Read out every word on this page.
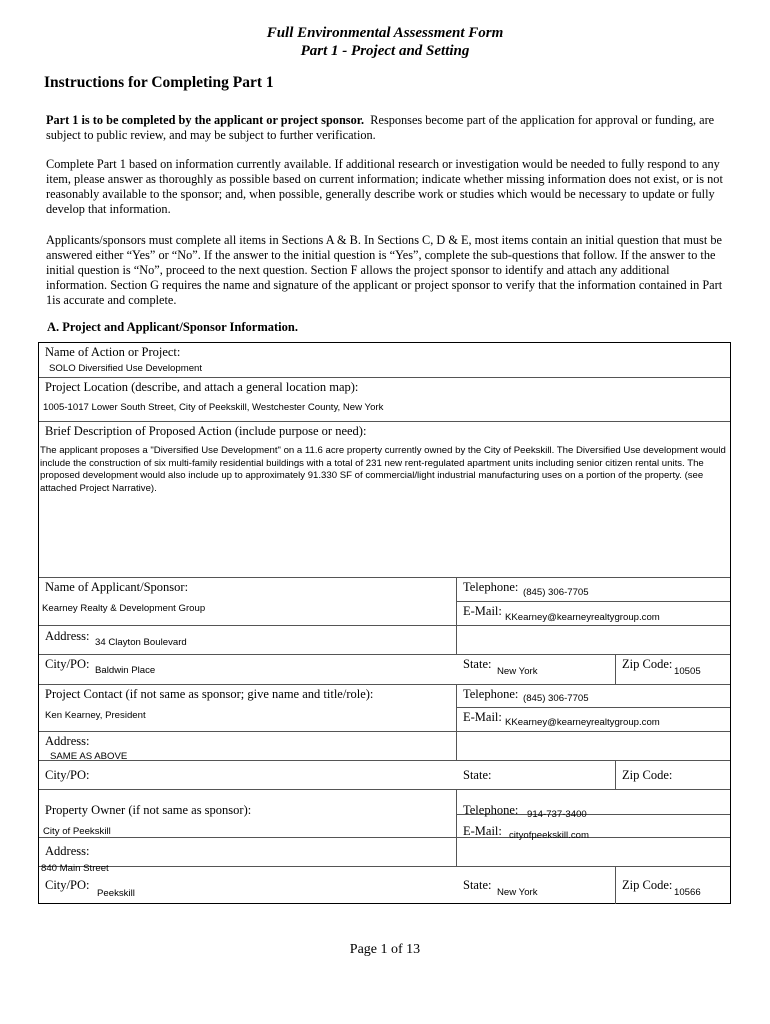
Full Environmental Assessment Form
Part 1 - Project and Setting
Instructions for Completing Part 1
Part 1 is to be completed by the applicant or project sponsor. Responses become part of the application for approval or funding, are subject to public review, and may be subject to further verification.
Complete Part 1 based on information currently available. If additional research or investigation would be needed to fully respond to any item, please answer as thoroughly as possible based on current information; indicate whether missing information does not exist, or is not reasonably available to the sponsor; and, when possible, generally describe work or studies which would be necessary to update or fully develop that information.
Applicants/sponsors must complete all items in Sections A & B. In Sections C, D & E, most items contain an initial question that must be answered either “Yes” or “No”. If the answer to the initial question is “Yes”, complete the sub-questions that follow. If the answer to the initial question is “No”, proceed to the next question. Section F allows the project sponsor to identify and attach any additional information. Section G requires the name and signature of the applicant or project sponsor to verify that the information contained in Part 1is accurate and complete.
A. Project and Applicant/Sponsor Information.
Name of Action or Project:
SOLO Diversified Use Development
Project Location (describe, and attach a general location map):
1005-1017 Lower South Street, City of Peekskill, Westchester County, New York
Brief Description of Proposed Action (include purpose or need):
The applicant proposes a "Diversified Use Development" on a 11.6 acre property currently owned by the City of Peekskill. The Diversified Use development would include the construction of six multi-family residential buildings with a total of 231 new rent-regulated apartment units including senior citizen rental units. The proposed development would also include up to approximately 91.330 SF of commercial/light industrial manufacturing uses on a portion of the property. (see attached Project Narrative).
Name of Applicant/Sponsor:
Kearney Realty & Development Group
Telephone: (845) 306-7705
E-Mail: KKearney@kearneyrealtygroup.com
Address: 34 Clayton Boulevard
City/PO: Baldwin Place	State:
New York
Zip Code:
10505
Project Contact (if not same as sponsor; give name and title/role):
Ken Kearney, President
Telephone: (845) 306-7705
E-Mail: KKearney@kearneyrealtygroup.com
Address:
SAME AS ABOVE
City/PO:	State:	Zip Code:
Property Owner (if not same as sponsor):
City of Peekskill
Telephone: 914-737-3400
E-Mail: cityofpeekskill.com
Address:
840 Main Street
City/PO:
Peekskill
State:
New York
Zip Code:
10566
Page 1 of 13
